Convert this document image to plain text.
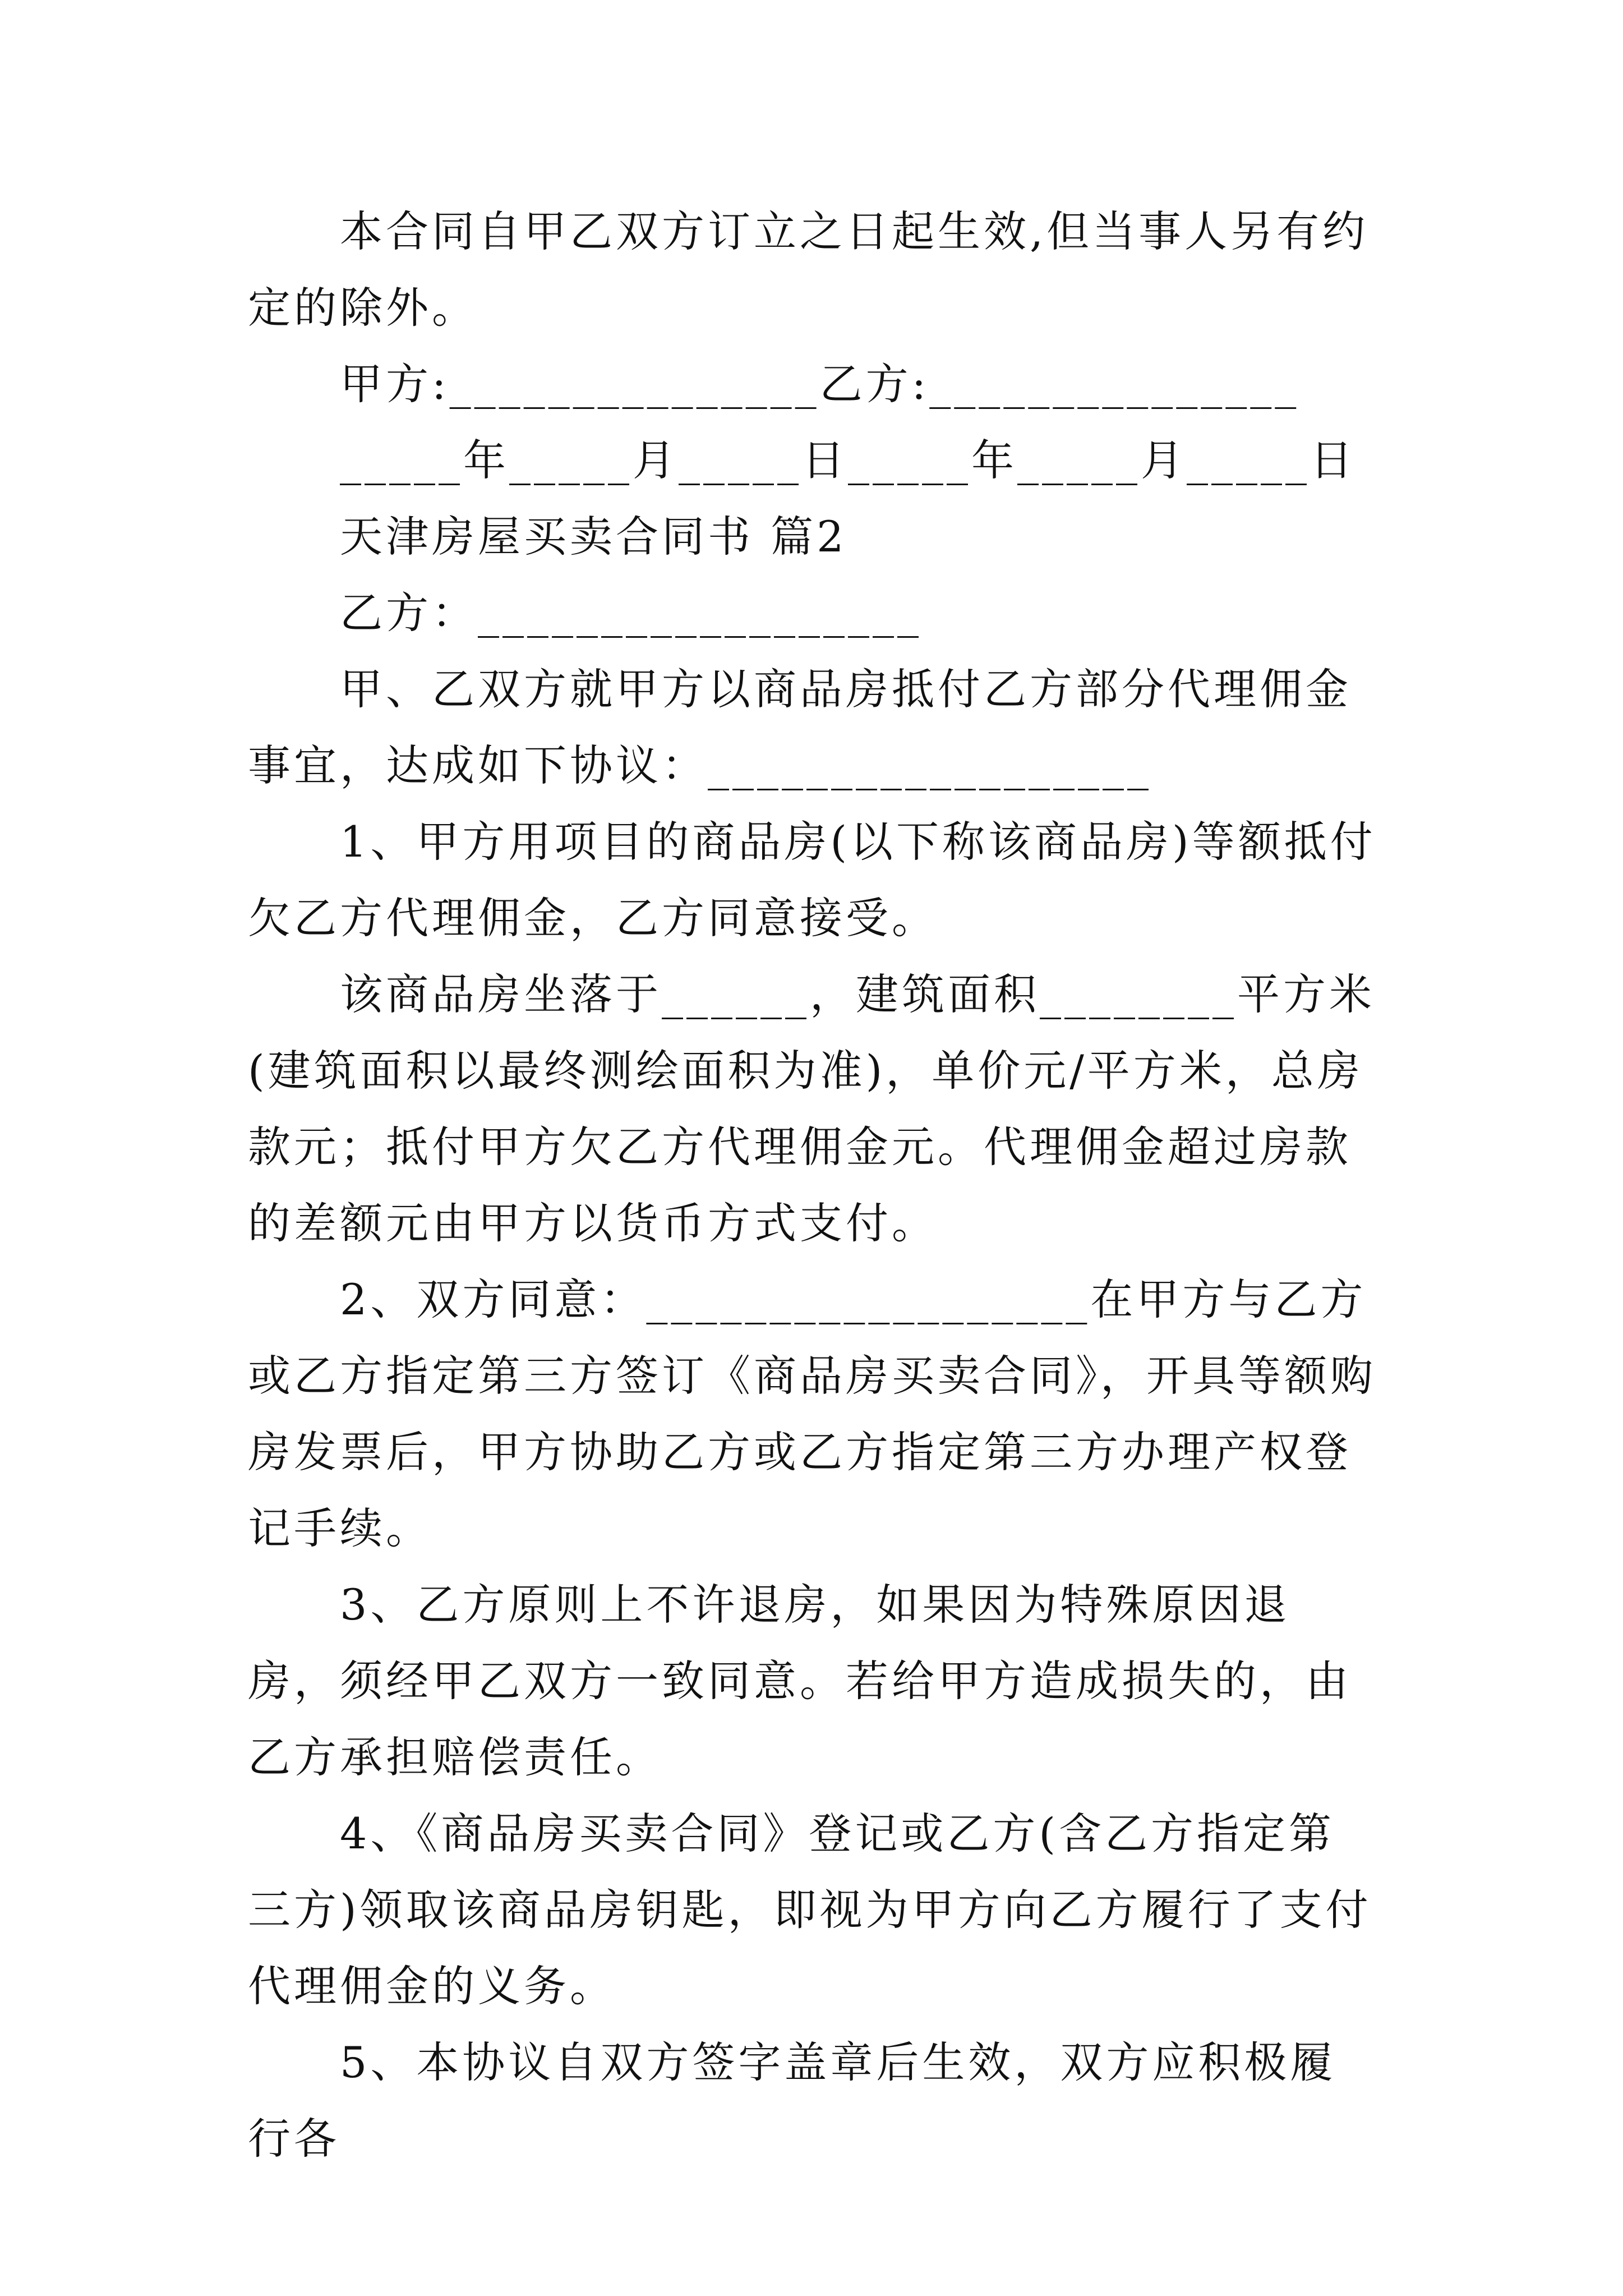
本合同自甲乙双方订立之日起生效,但当事人另有约定的除外。

甲方:_______________乙方:_______________

_____年_____月_____日_____年_____月_____日

天津房屋买卖合同书 篇2

乙方：__________________

甲、乙双方就甲方以商品房抵付乙方部分代理佣金事宜，达成如下协议：__________________

1、甲方用项目的商品房(以下称该商品房)等额抵付欠乙方代理佣金，乙方同意接受。

该商品房坐落于______，建筑面积________平方米(建筑面积以最终测绘面积为准)，单价元/平方米，总房款元；抵付甲方欠乙方代理佣金元。代理佣金超过房款的差额元由甲方以货币方式支付。

2、双方同意：__________________在甲方与乙方或乙方指定第三方签订《商品房买卖合同》，开具等额购房发票后，甲方协助乙方或乙方指定第三方办理产权登记手续。

3、乙方原则上不许退房，如果因为特殊原因退房，须经甲乙双方一致同意。若给甲方造成损失的，由乙方承担赔偿责任。

4、《商品房买卖合同》登记或乙方(含乙方指定第三方)领取该商品房钥匙，即视为甲方向乙方履行了支付代理佣金的义务。

5、本协议自双方签字盖章后生效，双方应积极履行各
